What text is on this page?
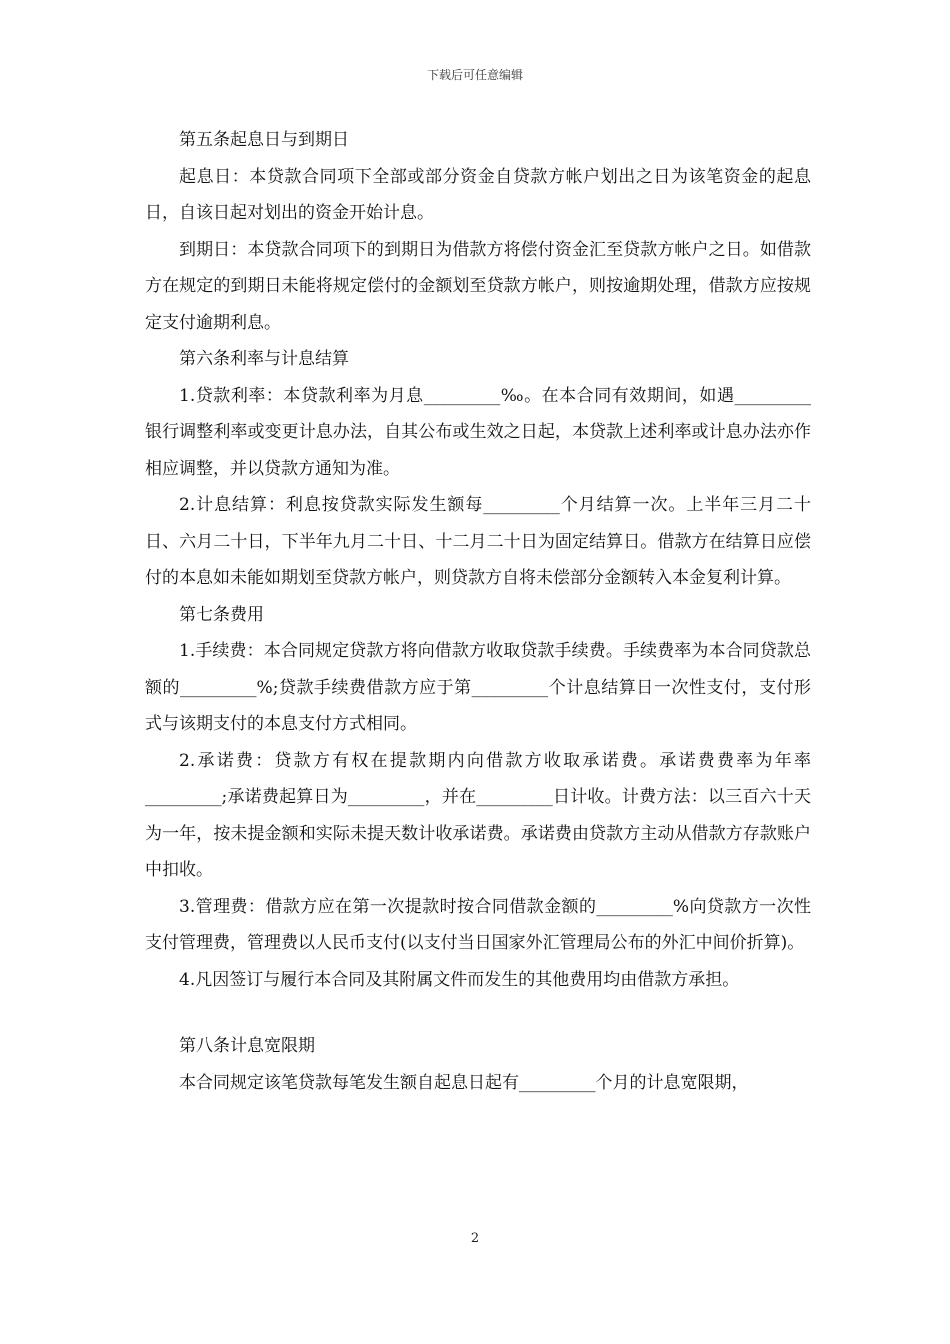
下载后可任意编辑

第五条起息日与到期日

起息日：本贷款合同项下全部或部分资金自贷款方帐户划出之日为该笔资金的起息日，自该日起对划出的资金开始计息。

到期日：本贷款合同项下的到期日为借款方将偿付资金汇至贷款方帐户之日。如借款方在规定的到期日未能将规定偿付的金额划至贷款方帐户，则按逾期处理，借款方应按规定支付逾期利息。

第六条利率与计息结算

1.贷款利率：本贷款利率为月息_________‰。在本合同有效期间，如遇_________银行调整利率或变更计息办法，自其公布或生效之日起，本贷款上述利率或计息办法亦作相应调整，并以贷款方通知为准。

2.计息结算：利息按贷款实际发生额每_________个月结算一次。上半年三月二十日、六月二十日，下半年九月二十日、十二月二十日为固定结算日。借款方在结算日应偿付的本息如未能如期划至贷款方帐户，则贷款方自将未偿部分金额转入本金复利计算。

第七条费用

1.手续费：本合同规定贷款方将向借款方收取贷款手续费。手续费率为本合同贷款总额的_________%;贷款手续费借款方应于第_________个计息结算日一次性支付，支付形式与该期支付的本息支付方式相同。

2.承诺费：贷款方有权在提款期内向借款方收取承诺费。承诺费费率为年率_________;承诺费起算日为_________，并在_________日计收。计费方法：以三百六十天为一年，按未提金额和实际未提天数计收承诺费。承诺费由贷款方主动从借款方存款账户中扣收。

3.管理费：借款方应在第一次提款时按合同借款金额的_________%向贷款方一次性支付管理费，管理费以人民币支付(以支付当日国家外汇管理局公布的外汇中间价折算)。

4.凡因签订与履行本合同及其附属文件而发生的其他费用均由借款方承担。

第八条计息宽限期

本合同规定该笔贷款每笔发生额自起息日起有_________个月的计息宽限期，

2
